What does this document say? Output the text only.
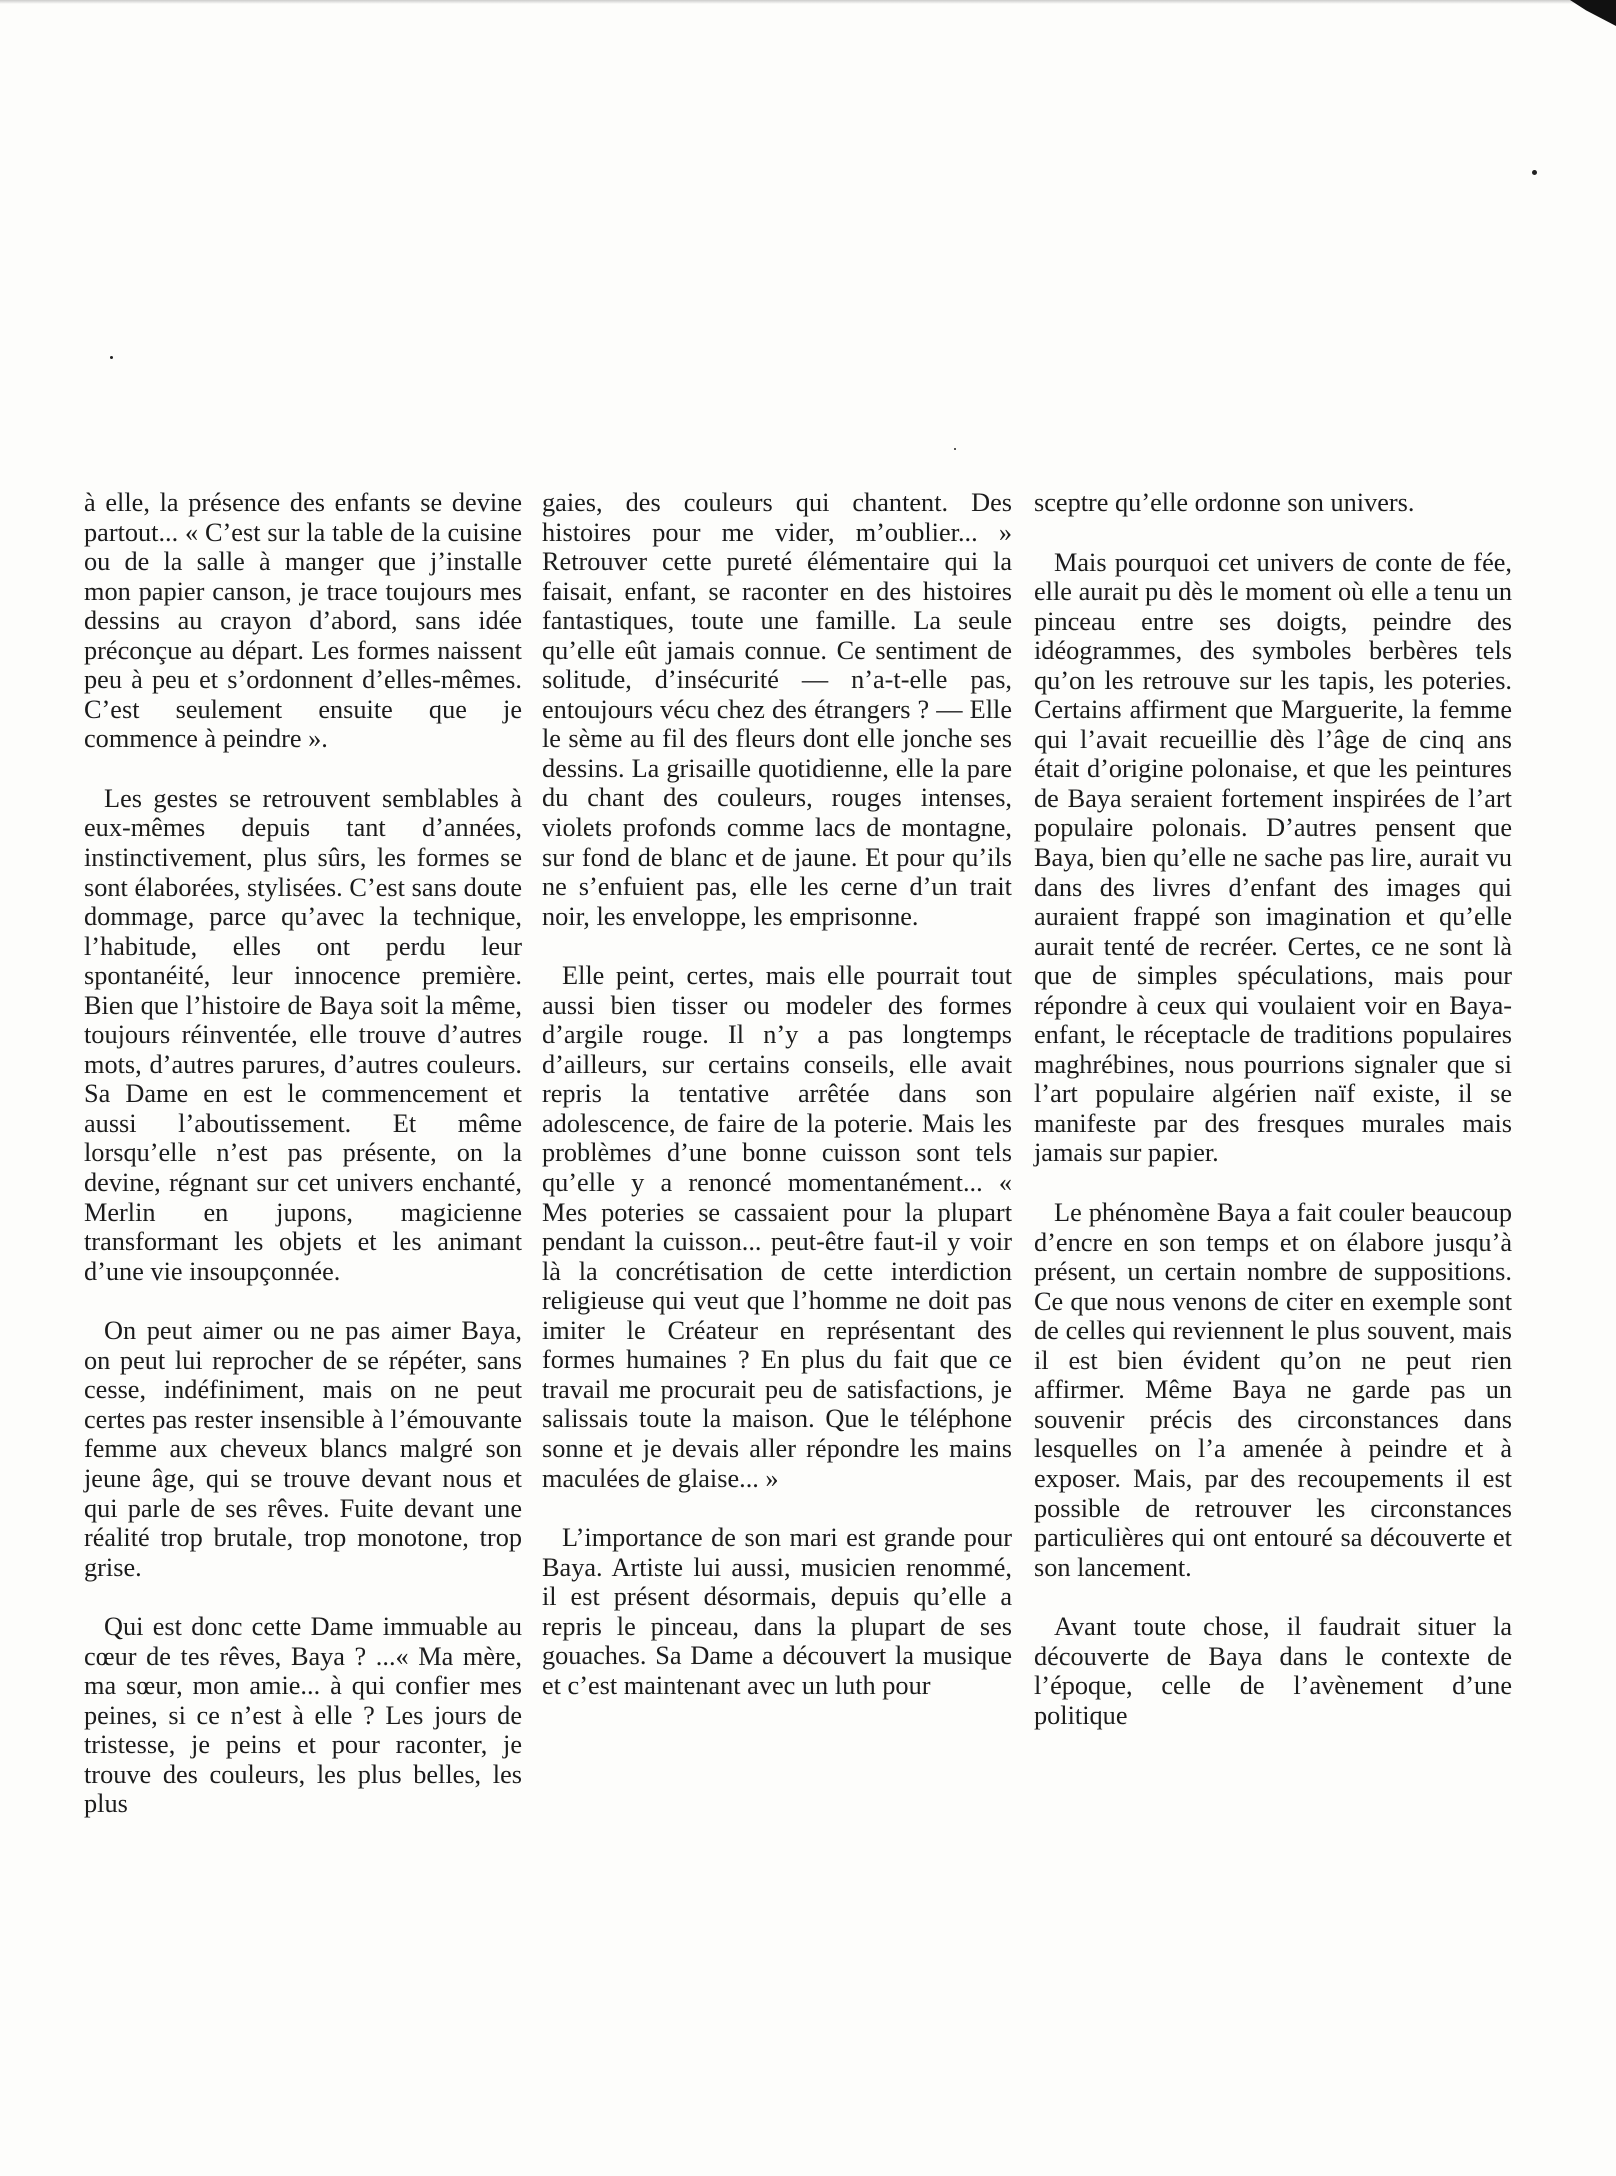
à elle, la présence des enfants se devine partout... « C’est sur la table de la cuisine ou de la salle à manger que j’installe mon papier canson, je trace toujours mes dessins au crayon d’abord, sans idée préconçue au départ. Les formes naissent peu à peu et s’ordonnent d’elles-mêmes. C’est seulement ensuite que je commence à peindre ».

Les gestes se retrouvent semblables à eux-mêmes depuis tant d’années, instinctivement, plus sûrs, les formes se sont élaborées, stylisées. C’est sans doute dommage, parce qu’avec la technique, l’habitude, elles ont perdu leur spontanéité, leur innocence première. Bien que l’histoire de Baya soit la même, toujours réinventée, elle trouve d’autres mots, d’autres parures, d’autres couleurs. Sa Dame en est le commencement et aussi l’aboutissement. Et même lorsqu’elle n’est pas présente, on la devine, régnant sur cet univers enchanté, Merlin en jupons, magicienne transformant les objets et les animant d’une vie insoupçonnée.

On peut aimer ou ne pas aimer Baya, on peut lui reprocher de se répéter, sans cesse, indéfiniment, mais on ne peut certes pas rester insensible à l’émouvante femme aux cheveux blancs malgré son jeune âge, qui se trouve devant nous et qui parle de ses rêves. Fuite devant une réalité trop brutale, trop monotone, trop grise.

Qui est donc cette Dame immuable au cœur de tes rêves, Baya ? ...« Ma mère, ma sœur, mon amie... à qui confier mes peines, si ce n’est à elle ? Les jours de tristesse, je peins et pour raconter, je trouve des couleurs, les plus belles, les plus

gaies, des couleurs qui chantent. Des histoires pour me vider, m’oublier... » Retrouver cette pureté élémentaire qui la faisait, enfant, se raconter en des histoires fantastiques, toute une famille. La seule qu’elle eût jamais connue. Ce sentiment de solitude, d’insécurité — n’a-t-elle pas, entoujours vécu chez des étrangers ? — Elle le sème au fil des fleurs dont elle jonche ses dessins. La grisaille quotidienne, elle la pare du chant des couleurs, rouges intenses, violets profonds comme lacs de montagne, sur fond de blanc et de jaune. Et pour qu’ils ne s’enfuient pas, elle les cerne d’un trait noir, les enveloppe, les emprisonne.

Elle peint, certes, mais elle pourrait tout aussi bien tisser ou modeler des formes d’argile rouge. Il n’y a pas longtemps d’ailleurs, sur certains conseils, elle avait repris la tentative arrêtée dans son adolescence, de faire de la poterie. Mais les problèmes d’une bonne cuisson sont tels qu’elle y a renoncé momentanément... « Mes poteries se cassaient pour la plupart pendant la cuisson... peut-être faut-il y voir là la concrétisation de cette interdiction religieuse qui veut que l’homme ne doit pas imiter le Créateur en représentant des formes humaines ? En plus du fait que ce travail me procurait peu de satisfactions, je salissais toute la maison. Que le téléphone sonne et je devais aller répondre les mains maculées de glaise... »

L’importance de son mari est grande pour Baya. Artiste lui aussi, musicien renommé, il est présent désormais, depuis qu’elle a repris le pinceau, dans la plupart de ses gouaches. Sa Dame a découvert la musique et c’est maintenant avec un luth pour

sceptre qu’elle ordonne son univers.

Mais pourquoi cet univers de conte de fée, elle aurait pu dès le moment où elle a tenu un pinceau entre ses doigts, peindre des idéogrammes, des symboles berbères tels qu’on les retrouve sur les tapis, les poteries. Certains affirment que Marguerite, la femme qui l’avait recueillie dès l’âge de cinq ans était d’origine polonaise, et que les peintures de Baya seraient fortement inspirées de l’art populaire polonais. D’autres pensent que Baya, bien qu’elle ne sache pas lire, aurait vu dans des livres d’enfant des images qui auraient frappé son imagination et qu’elle aurait tenté de recréer. Certes, ce ne sont là que de simples spéculations, mais pour répondre à ceux qui voulaient voir en Baya-enfant, le réceptacle de traditions populaires maghrébines, nous pourrions signaler que si l’art populaire algérien naïf existe, il se manifeste par des fresques murales mais jamais sur papier.

Le phénomène Baya a fait couler beaucoup d’encre en son temps et on élabore jusqu’à présent, un certain nombre de suppositions. Ce que nous venons de citer en exemple sont de celles qui reviennent le plus souvent, mais il est bien évident qu’on ne peut rien affirmer. Même Baya ne garde pas un souvenir précis des circonstances dans lesquelles on l’a amenée à peindre et à exposer. Mais, par des recoupements il est possible de retrouver les circonstances particulières qui ont entouré sa découverte et son lancement.

Avant toute chose, il faudrait situer la découverte de Baya dans le contexte de l’époque, celle de l’avènement d’une politique
